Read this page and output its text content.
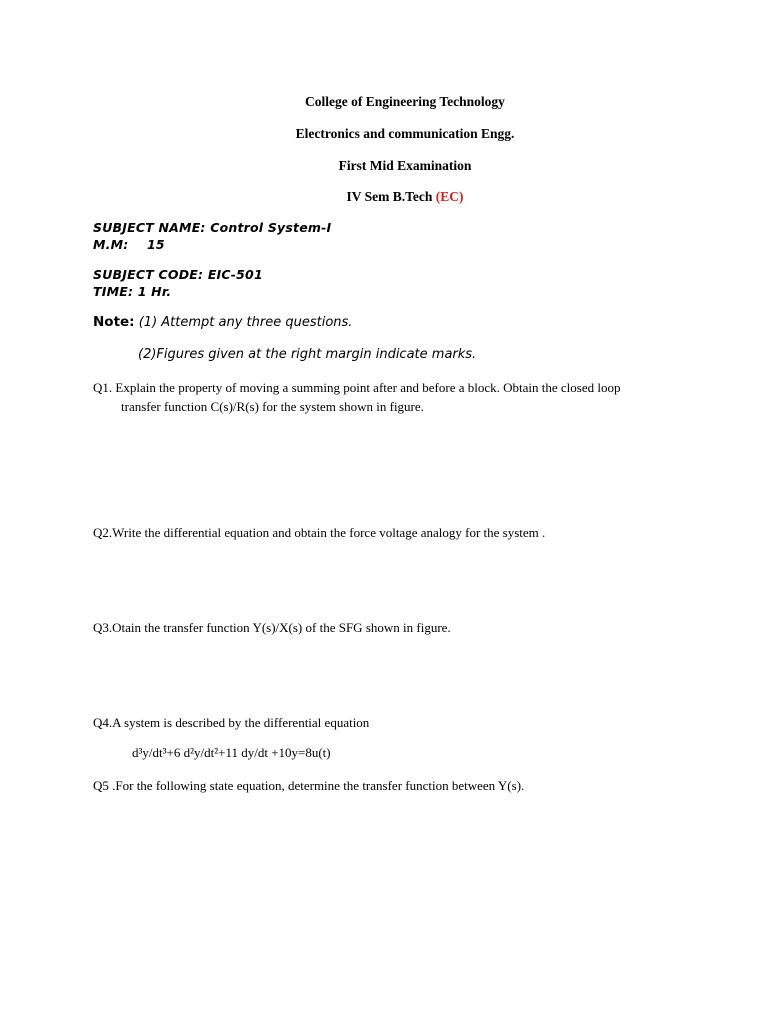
College of Engineering Technology
Electronics and communication Engg.
First Mid Examination
IV Sem B.Tech (EC)
SUBJECT NAME: Control System-I
M.M: 15
SUBJECT CODE: EIC-501
TIME: 1 Hr.
Note: (1) Attempt any three questions.
(2)Figures given at the right margin indicate marks.
Q1. Explain the property of moving a summing point after and before a block. Obtain the closed loop
transfer function C(s)/R(s) for the system shown in figure.
Q2.Write the differential equation and obtain the force voltage analogy for the system .
Q3.Otain the transfer function Y(s)/X(s) of the SFG shown in figure.
Q4.A system is described by the differential equation
d³y/dt³+6 d²y/dt²+11 dy/dt +10y=8u(t)
Q5 .For the following state equation, determine the transfer function between Y(s).
